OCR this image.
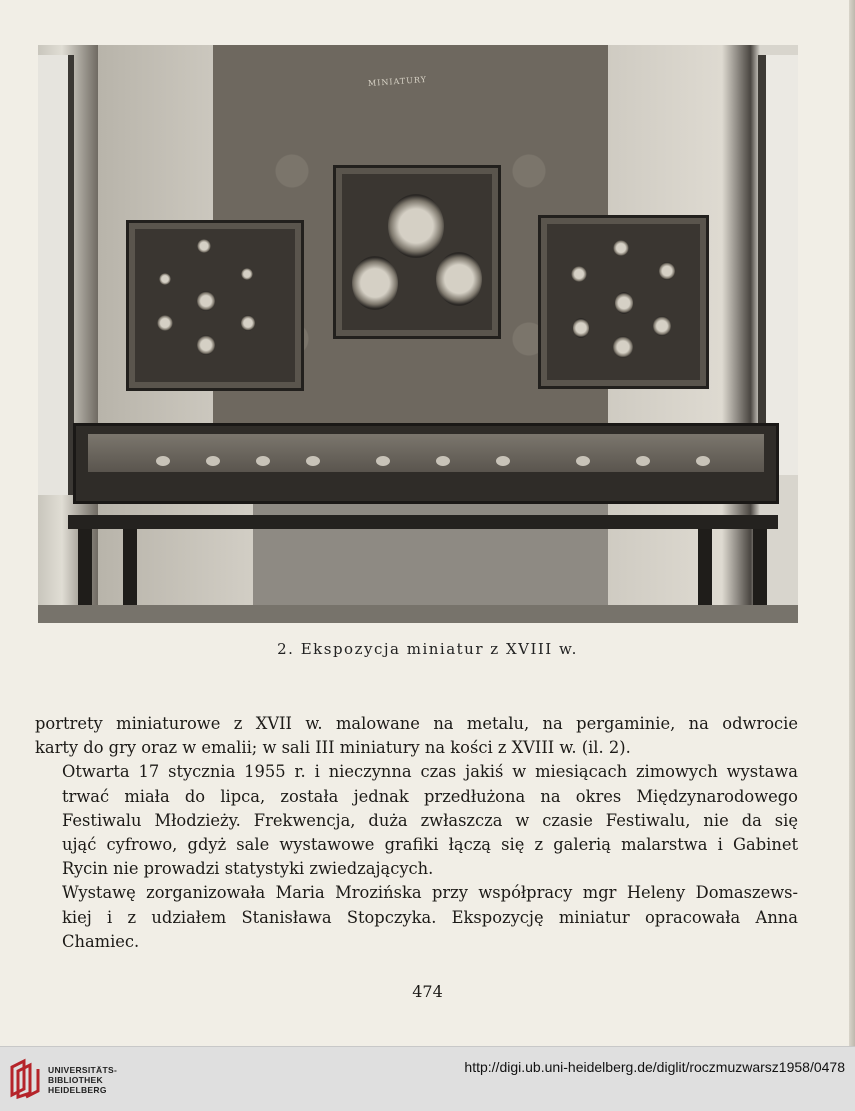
MINIATURY
2. Ekspozycja miniatur z XVIII w.

portrety miniaturowe z XVII w. malowane na metalu, na pergaminie, na odwrocie
karty do gry oraz w emalii; w sali III miniatury na kości z XVIII w. (il. 2).

Otwarta 17 stycznia 1955 r. i nieczynna czas jakiś w miesiącach zimowych wystawa
trwać miała do lipca, została jednak przedłużona na okres Międzynarodowego
Festiwalu Młodzieży. Frekwencja, duża zwłaszcza w czasie Festiwalu, nie da się
ująć cyfrowo, gdyż sale wystawowe grafiki łączą się z galerią malarstwa i Gabinet
Rycin nie prowadzi statystyki zwiedzających.

Wystawę zorganizowała Maria Mrozińska przy współpracy mgr Heleny Domaszews-
kiej i z udziałem Stanisława Stopczyka. Ekspozycję miniatur opracowała Anna
Chamiec.

474
UNIVERSITÄTS-
BIBLIOTHEK
HEIDELBERG
http://digi.ub.uni-heidelberg.de/diglit/roczmuzwarsz1958/0478
